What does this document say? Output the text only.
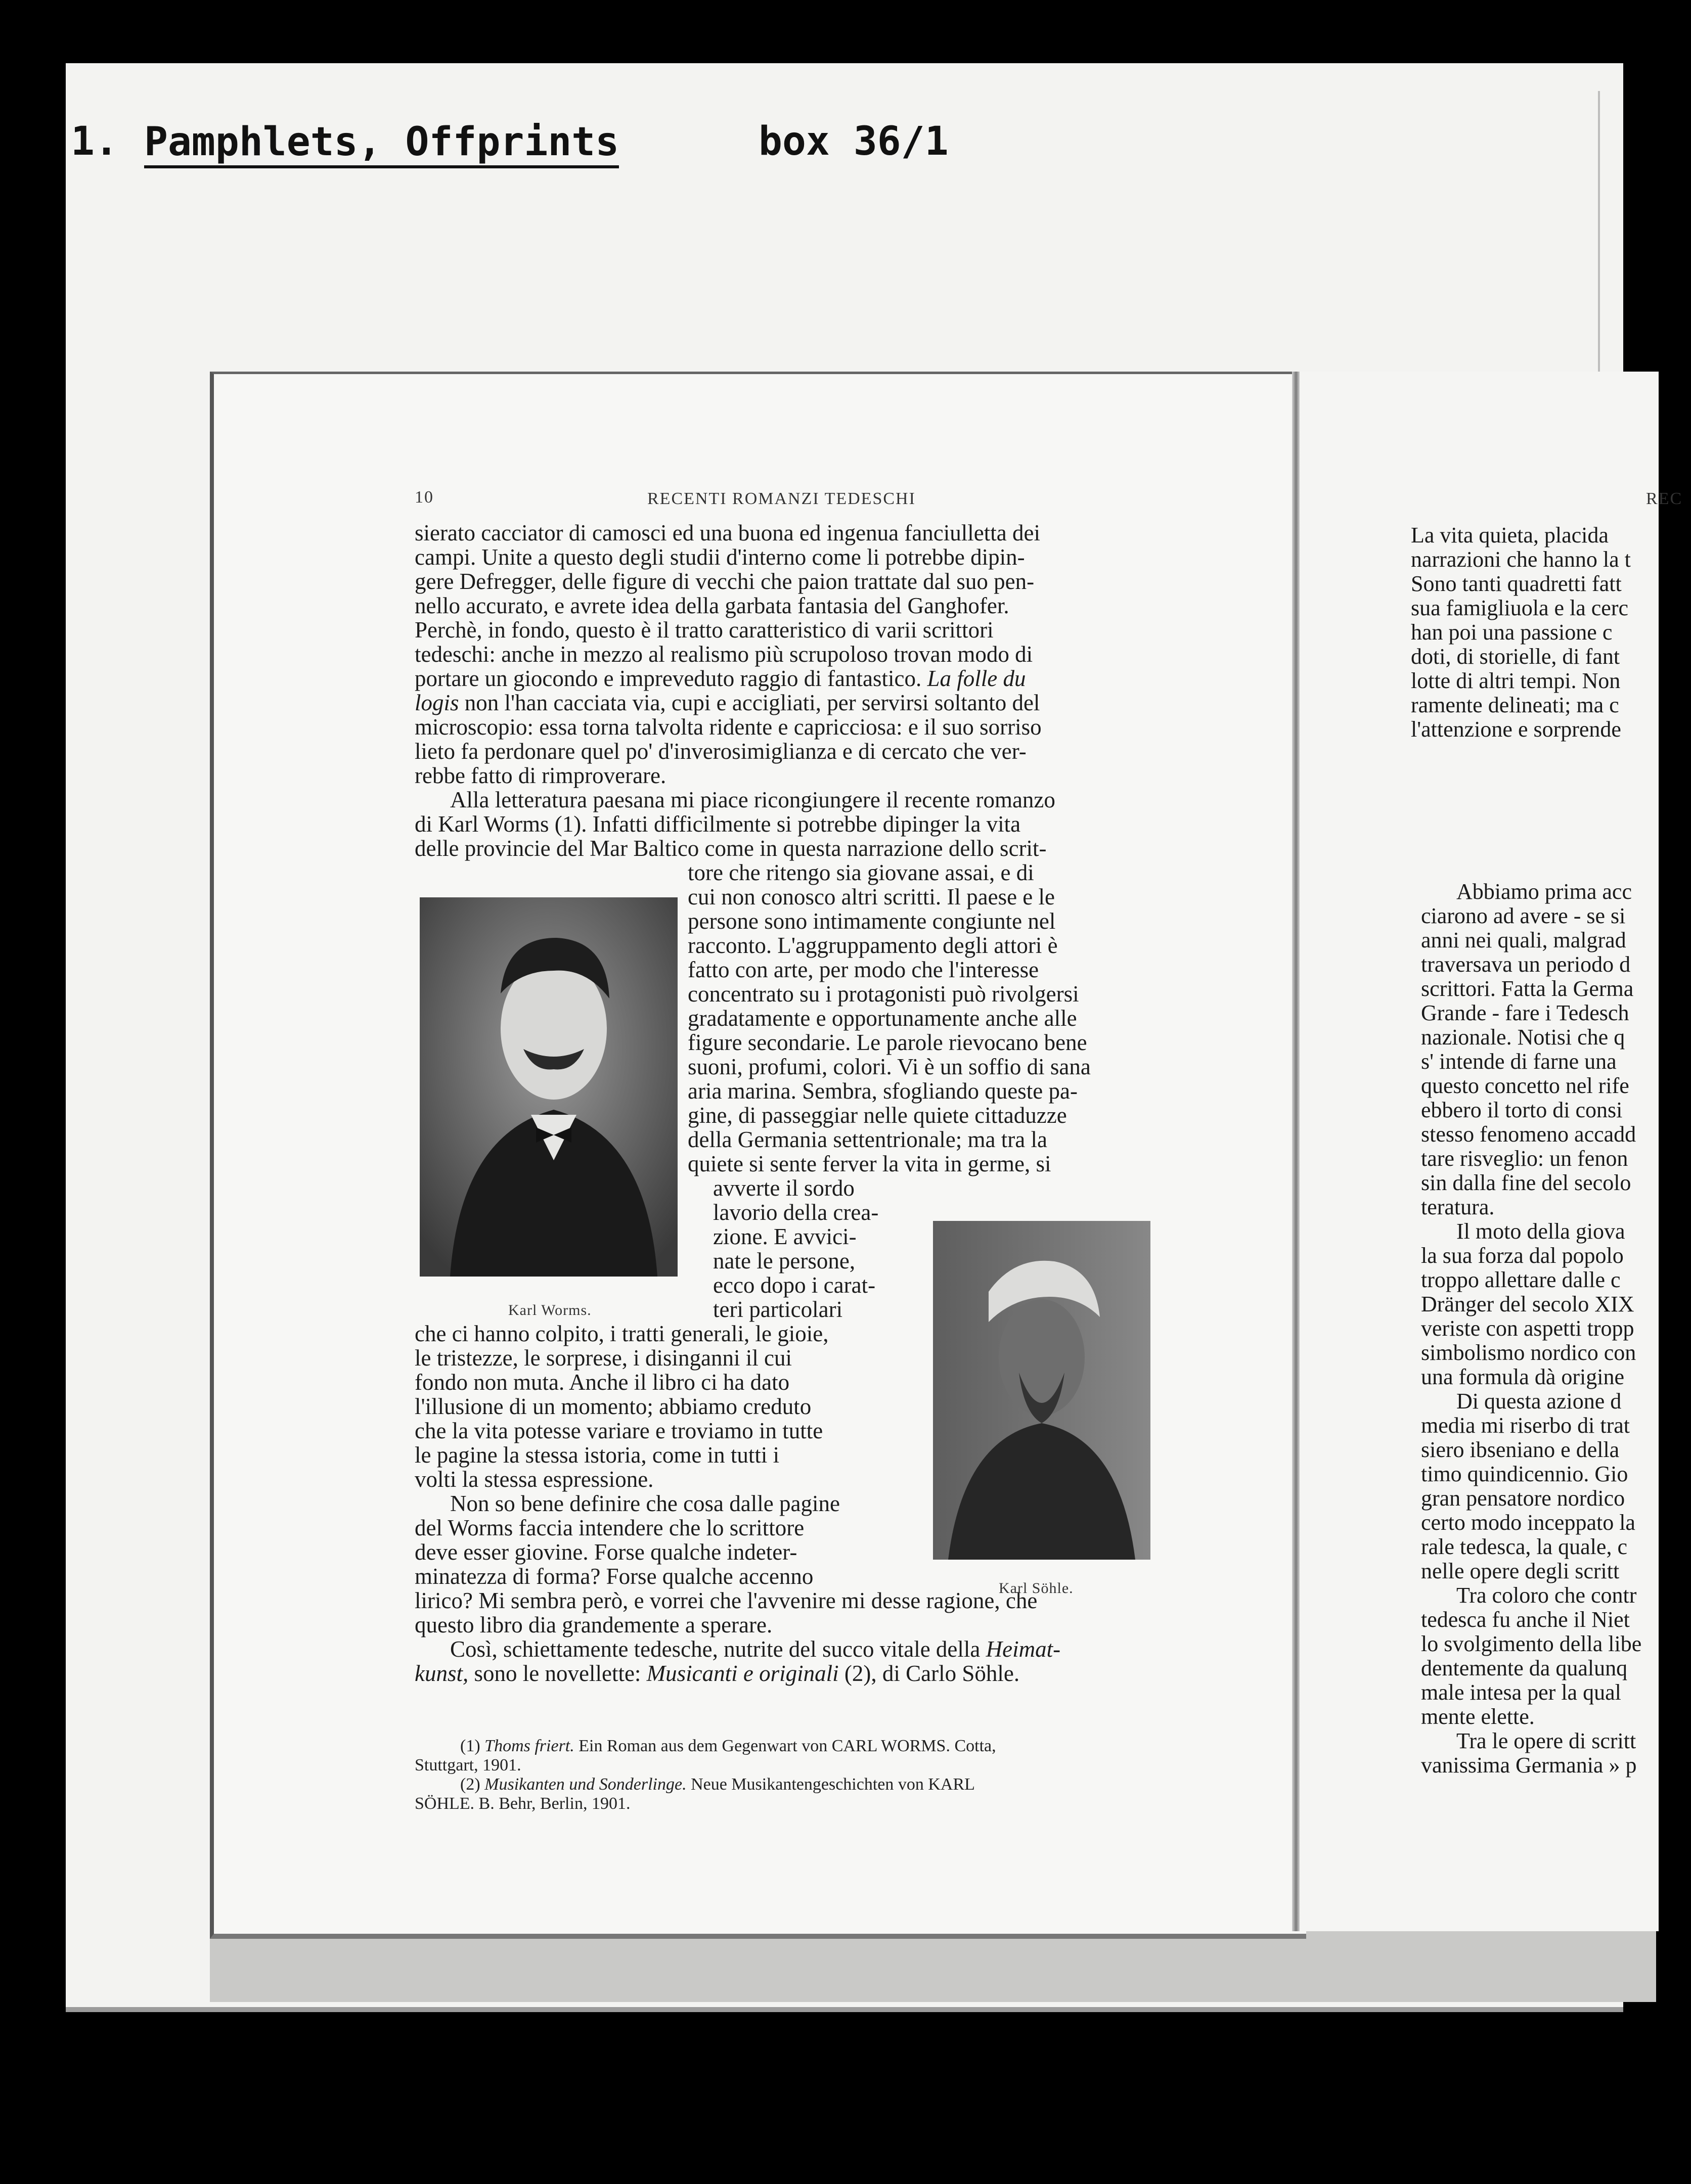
1. Pamphlets, Offprints	box 36/1
10	RECENTI ROMANZI TEDESCHI
sierato cacciator di camosci ed una buona ed ingenua fanciulletta dei
campi. Unite a questo degli studii d'interno come li potrebbe dipin-
gere Defregger, delle figure di vecchi che paion trattate dal suo pen-
nello accurato, e avrete idea della garbata fantasia del Ganghofer.
Perchè, in fondo, questo è il tratto caratteristico di varii scrittori
tedeschi: anche in mezzo al realismo più scrupoloso trovan modo di
portare un giocondo e impreveduto raggio di fantastico. La folle du
logis non l'han cacciata via, cupi e accigliati, per servirsi soltanto del
microscopio: essa torna talvolta ridente e capricciosa: e il suo sorriso
lieto fa perdonare quel po' d'inverosimiglianza e di cercato che ver-
rebbe fatto di rimproverare.
Alla letteratura paesana mi piace ricongiungere il recente romanzo
di Karl Worms (1). Infatti difficilmente si potrebbe dipinger la vita
delle provincie del Mar Baltico come in questa narrazione dello scrit-
tore che ritengo sia giovane assai, e di
cui non conosco altri scritti. Il paese e le
persone sono intimamente congiunte nel
racconto. L'aggruppamento degli attori è
fatto con arte, per modo che l'interesse
concentrato su i protagonisti può rivolgersi
gradatamente e opportunamente anche alle
figure secondarie. Le parole rievocano bene
suoni, profumi, colori. Vi è un soffio di sana
aria marina. Sembra, sfogliando queste pa-
gine, di passeggiar nelle quiete cittaduzze
della Germania settentrionale; ma tra la
quiete si sente ferver la vita in germe, si
avverte il sordo
lavorio della crea-
zione. E avvici-
nate le persone,
ecco dopo i carat-
teri particolari
che ci hanno colpito, i tratti generali, le gioie,
le tristezze, le sorprese, i disinganni il cui
fondo non muta. Anche il libro ci ha dato
l'illusione di un momento; abbiamo creduto
che la vita potesse variare e troviamo in tutte
le pagine la stessa istoria, come in tutti i
volti la stessa espressione.
Non so bene definire che cosa dalle pagine
del Worms faccia intendere che lo scrittore
deve esser giovine. Forse qualche indeter-
minatezza di forma? Forse qualche accenno
lirico? Mi sembra però, e vorrei che l'avvenire mi desse ragione, che
questo libro dia grandemente a sperare.
Così, schiettamente tedesche, nutrite del succo vitale della Heimat-
kunst, sono le novellette: Musicanti e originali (2), di Carlo Söhle.
Karl Worms.
Karl Söhle.
(1) Thoms friert. Ein Roman aus dem Gegenwart von CARL WORMS. Cotta,
Stuttgart, 1901.
(2) Musikanten und Sonderlinge. Neue Musikantengeschichten von KARL
SÖHLE. B. Behr, Berlin, 1901.
REC
La vita quieta, placida
narrazioni che hanno la t
Sono tanti quadretti fatt
sua famigliuola e la cerc
han poi una passione c
doti, di storielle, di fant
lotte di altri tempi. Non
ramente delineati; ma c
l'attenzione e sorprende
Abbiamo prima acc
ciarono ad avere - se si
anni nei quali, malgrad
traversava un periodo d
scrittori. Fatta la Germa
Grande - fare i Tedesch
nazionale. Notisi che q
s' intende di farne una
questo concetto nel rife
ebbero il torto di consi
stesso fenomeno accadd
tare risveglio: un fenon
sin dalla fine del secolo
teratura.
Il moto della giova
la sua forza dal popolo
troppo allettare dalle c
Dränger del secolo XIX
veriste con aspetti tropp
simbolismo nordico con
una formula dà origine
Di questa azione d
media mi riserbo di trat
siero ibseniano e della
timo quindicennio. Gio
gran pensatore nordico
certo modo inceppato la
rale tedesca, la quale, c
nelle opere degli scritt
Tra coloro che contr
tedesca fu anche il Niet
lo svolgimento della libe
dentemente da qualunq
male intesa per la qual
mente elette.
Tra le opere di scritt
vanissima Germania » p
